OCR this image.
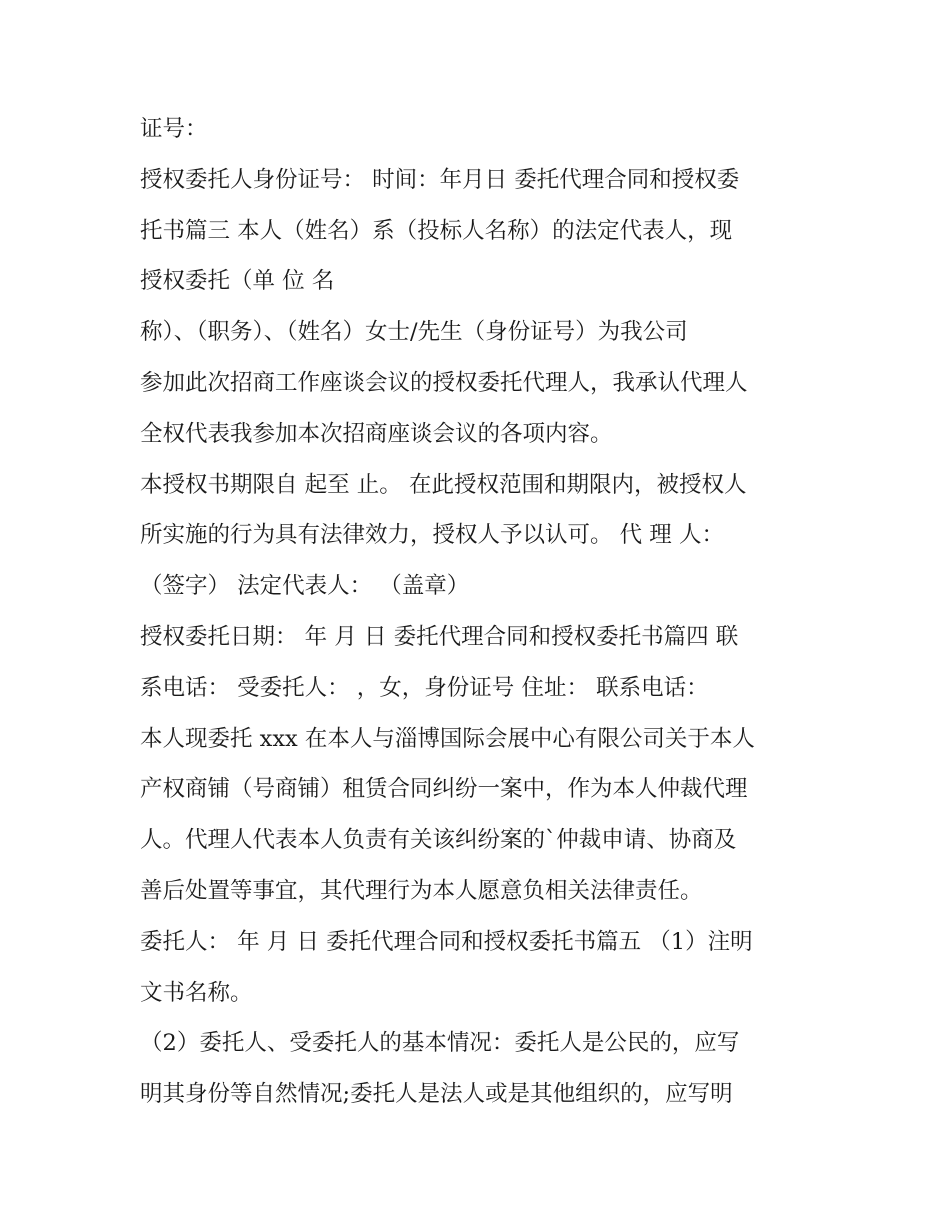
证号：
授权委托人身份证号： 时间：年月日 委托代理合同和授权委
托书篇三 本人（姓名）系（投标人名称）的法定代表人，现
授权委托（单 位 名
称）、（职务）、（姓名）女士/先生（身份证号）为我公司
参加此次招商工作座谈会议的授权委托代理人，我承认代理人
全权代表我参加本次招商座谈会议的各项内容。
本授权书期限自 起至 止。 在此授权范围和期限内，被授权人
所实施的行为具有法律效力，授权人予以认可。 代 理 人：
（签字） 法定代表人： （盖章）
授权委托日期： 年 月 日 委托代理合同和授权委托书篇四 联
系电话： 受委托人： ，女，身份证号 住址： 联系电话：
本人现委托 xxx 在本人与淄博国际会展中心有限公司关于本人
产权商铺（号商铺）租赁合同纠纷一案中，作为本人仲裁代理
人。代理人代表本人负责有关该纠纷案的`仲裁申请、协商及
善后处置等事宜，其代理行为本人愿意负相关法律责任。
委托人： 年 月 日 委托代理合同和授权委托书篇五 （1）注明
文书名称。
（2）委托人、受委托人的基本情况：委托人是公民的，应写
明其身份等自然情况;委托人是法人或是其他组织的，应写明
